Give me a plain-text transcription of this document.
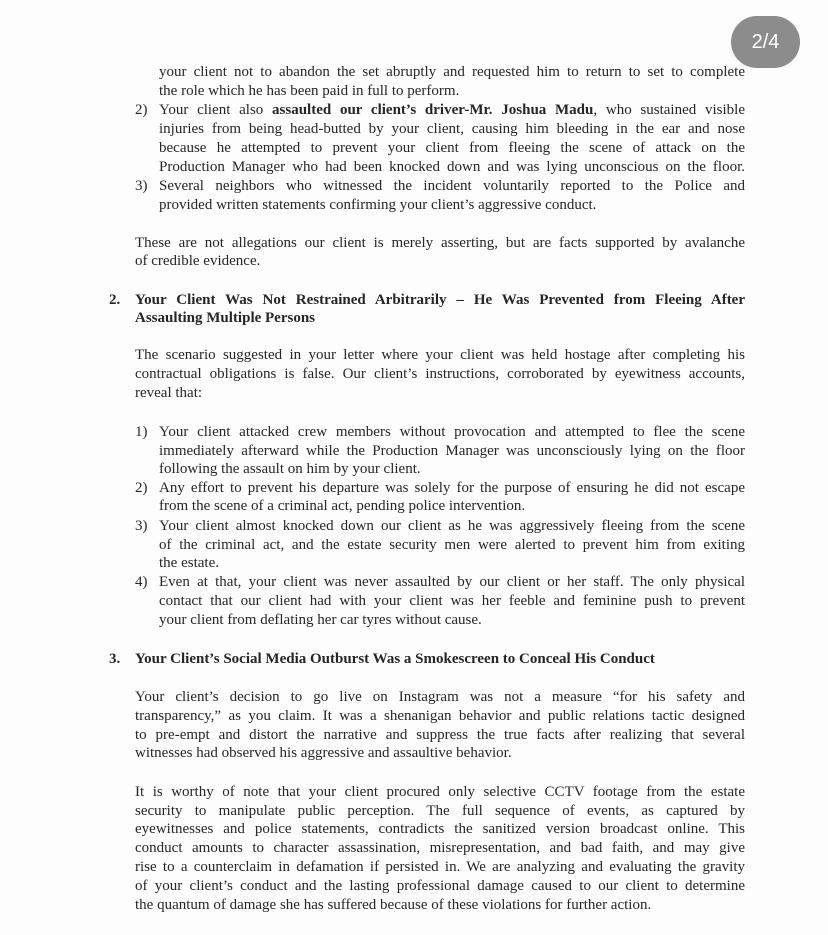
2/4

your client not to abandon the set abruptly and requested him to return to set to complete

the role which he has been paid in full to perform.

2) Your client also assaulted our client’s driver-Mr. Joshua Madu, who sustained visible

injuries from being head-butted by your client, causing him bleeding in the ear and nose

because he attempted to prevent your client from fleeing the scene of attack on the

Production Manager who had been knocked down and was lying unconscious on the floor.

3) Several neighbors who witnessed the incident voluntarily reported to the Police and

provided written statements confirming your client’s aggressive conduct.

These are not allegations our client is merely asserting, but are facts supported by avalanche

of credible evidence.

2. Your Client Was Not Restrained Arbitrarily – He Was Prevented from Fleeing After

Assaulting Multiple Persons

The scenario suggested in your letter where your client was held hostage after completing his

contractual obligations is false. Our client’s instructions, corroborated by eyewitness accounts,

reveal that:

1) Your client attacked crew members without provocation and attempted to flee the scene

immediately afterward while the Production Manager was unconsciously lying on the floor

following the assault on him by your client.

2) Any effort to prevent his departure was solely for the purpose of ensuring he did not escape

from the scene of a criminal act, pending police intervention.

3) Your client almost knocked down our client as he was aggressively fleeing from the scene

of the criminal act, and the estate security men were alerted to prevent him from exiting

the estate.

4) Even at that, your client was never assaulted by our client or her staff. The only physical

contact that our client had with your client was her feeble and feminine push to prevent

your client from deflating her car tyres without cause.

3. Your Client’s Social Media Outburst Was a Smokescreen to Conceal His Conduct

Your client’s decision to go live on Instagram was not a measure “for his safety and

transparency,” as you claim. It was a shenanigan behavior and public relations tactic designed

to pre-empt and distort the narrative and suppress the true facts after realizing that several

witnesses had observed his aggressive and assaultive behavior.

It is worthy of note that your client procured only selective CCTV footage from the estate

security to manipulate public perception. The full sequence of events, as captured by

eyewitnesses and police statements, contradicts the sanitized version broadcast online. This

conduct amounts to character assassination, misrepresentation, and bad faith, and may give

rise to a counterclaim in defamation if persisted in. We are analyzing and evaluating the gravity

of your client’s conduct and the lasting professional damage caused to our client to determine

the quantum of damage she has suffered because of these violations for further action.
